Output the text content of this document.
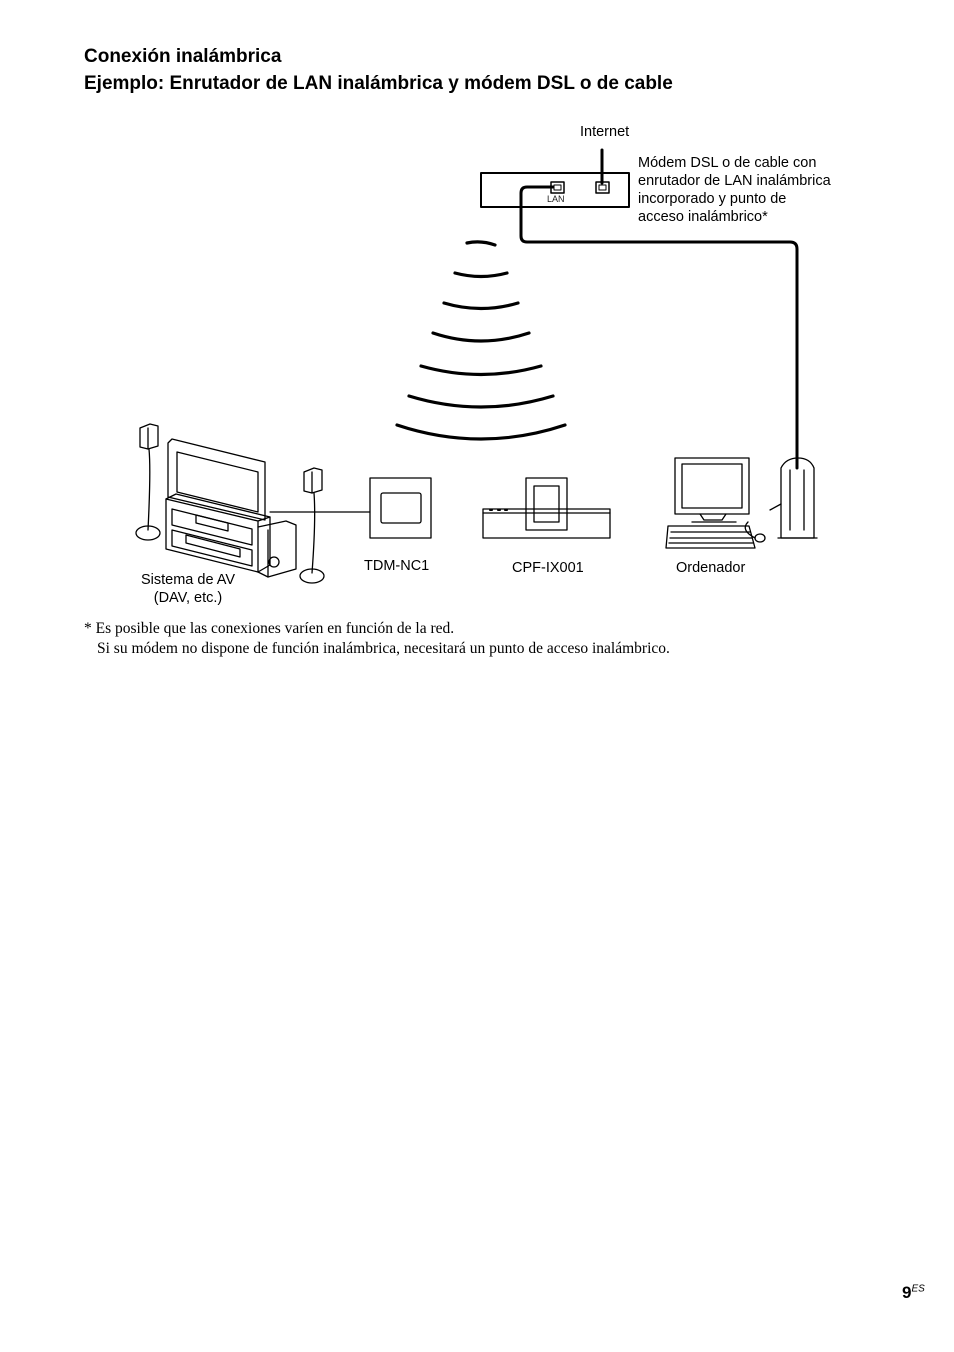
Conexión inalámbrica
Ejemplo: Enrutador de LAN inalámbrica y módem DSL o de cable
Internet
Módem DSL o de cable con
enrutador de LAN inalámbrica
incorporado y punto de
acceso inalámbrico*
LAN
Sistema de AV
(DAV, etc.)
TDM-NC1	CPF-IX001	Ordenador
* Es posible que las conexiones varíen en función de la red.
Si su módem no dispone de función inalámbrica, necesitará un punto de acceso inalámbrico.
$9^{ES}$
